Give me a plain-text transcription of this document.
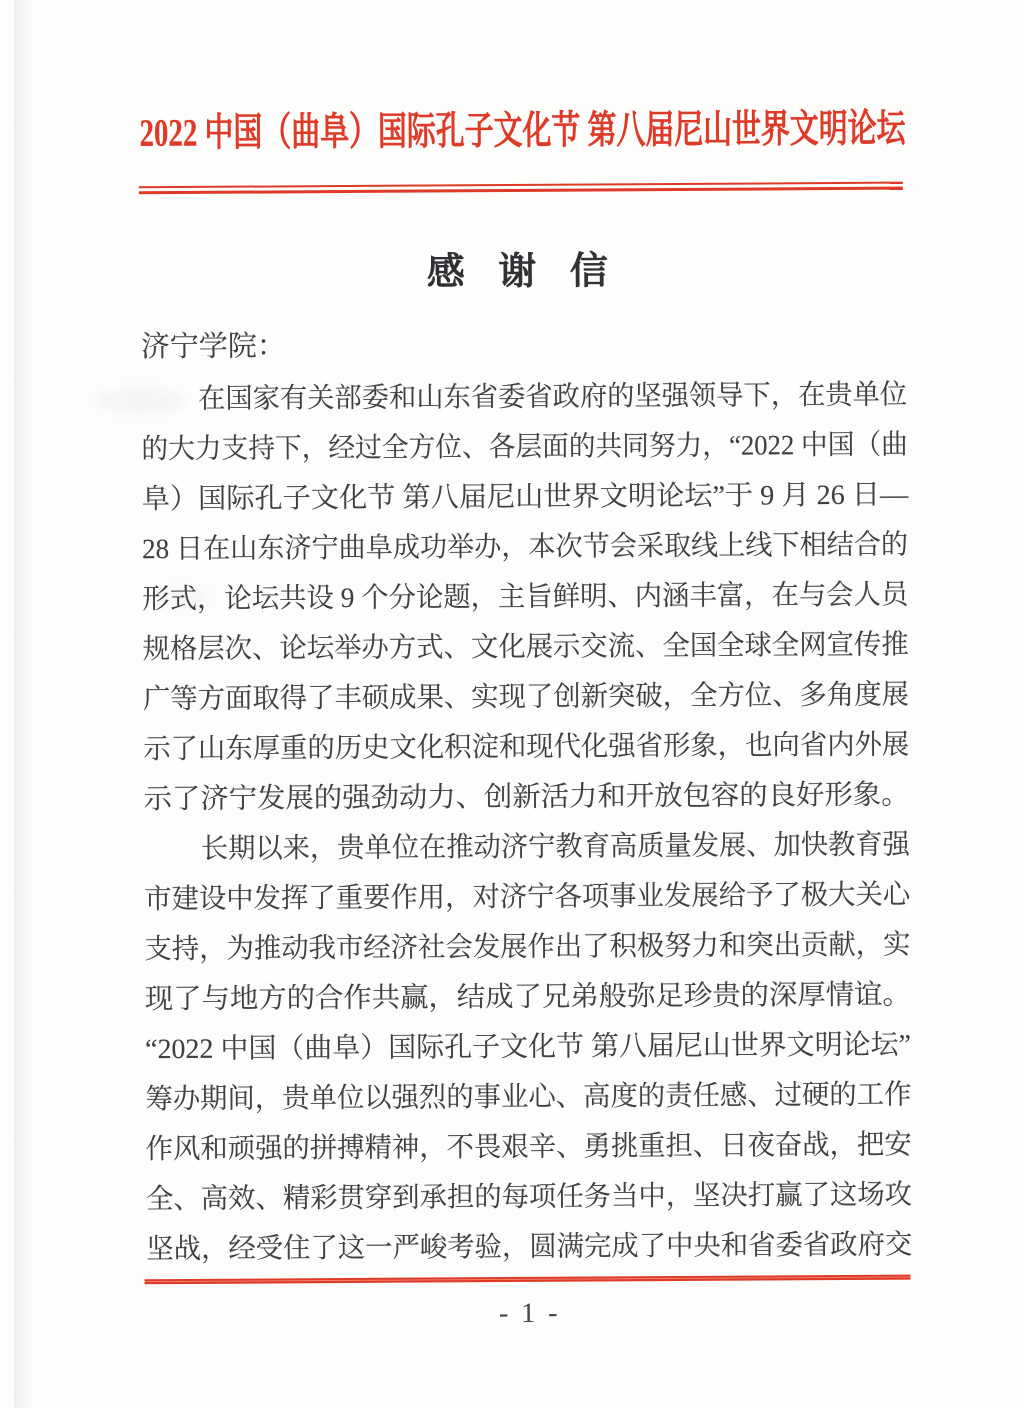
2022 中国（曲阜）国际孔子文化节 第八届尼山世界文明论坛
感 谢 信
济宁学院：
在国家有关部委和山东省委省政府的坚强领导下，在贵单位
的大力支持下，经过全方位、各层面的共同努力，“2022 中国（曲
阜）国际孔子文化节 第八届尼山世界文明论坛”于 9 月 26 日—
28 日在山东济宁曲阜成功举办，本次节会采取线上线下相结合的
形式，论坛共设 9 个分论题，主旨鲜明、内涵丰富，在与会人员
规格层次、论坛举办方式、文化展示交流、全国全球全网宣传推
广等方面取得了丰硕成果、实现了创新突破，全方位、多角度展
示了山东厚重的历史文化积淀和现代化强省形象，也向省内外展
示了济宁发展的强劲动力、创新活力和开放包容的良好形象。
长期以来，贵单位在推动济宁教育高质量发展、加快教育强
市建设中发挥了重要作用，对济宁各项事业发展给予了极大关心
支持，为推动我市经济社会发展作出了积极努力和突出贡献，实
现了与地方的合作共赢，结成了兄弟般弥足珍贵的深厚情谊。
“2022 中国（曲阜）国际孔子文化节 第八届尼山世界文明论坛”
筹办期间，贵单位以强烈的事业心、高度的责任感、过硬的工作
作风和顽强的拼搏精神，不畏艰辛、勇挑重担、日夜奋战，把安
全、高效、精彩贯穿到承担的每项任务当中，坚决打赢了这场攻
坚战，经受住了这一严峻考验，圆满完成了中央和省委省政府交
- 1 -
